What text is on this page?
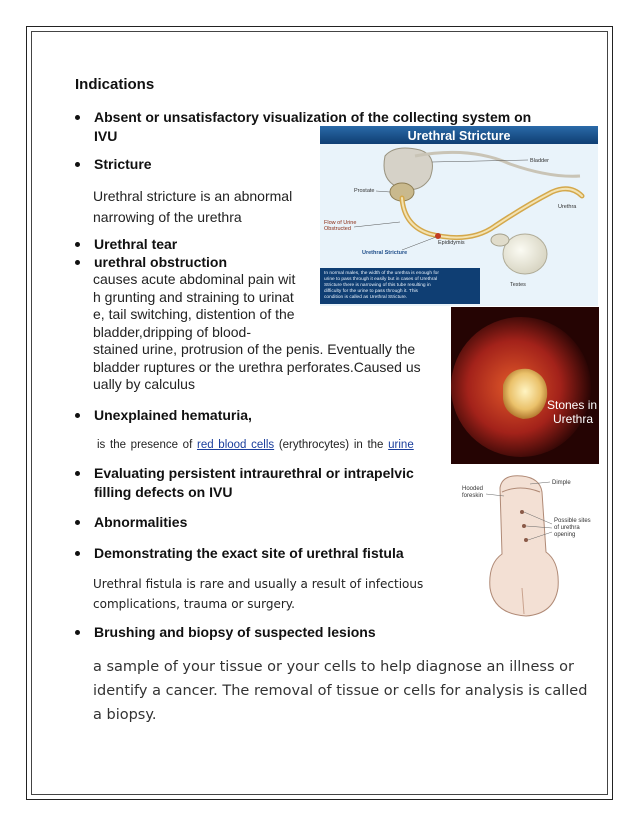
Indications
Absent or unsatisfactory visualization of the collecting system on
IVU
Stricture
Urethral stricture is an abnormal
narrowing of the urethra
Urethral tear
urethral obstruction
causes acute abdominal pain wit
h grunting and straining to urinat
e, tail switching, distention of the
bladder,dripping of blood-
stained urine, protrusion of the penis. Eventually the
bladder ruptures or the urethra perforates.Caused us
ually by calculus
Unexplained hematuria,
is the presence of red blood cells (erythrocytes) in the urine
Evaluating persistent intraurethral or intrapelvic
filling defects on IVU
Abnormalities
Demonstrating the exact site of urethral fistula
Urethral fistula is rare and usually a result of infectious
complications, trauma or surgery.
Brushing and biopsy of suspected lesions
a sample of your tissue or your cells to help diagnose an illness or
identify a cancer. The removal of tissue or cells for analysis is called
a biopsy.
Urethral Stricture
Bladder
Prostate
Urethra
Flow of Urine
Obstructed
Epididymis
Urethral Stricture
Testes
In normal males, the width of the urethra is enough for
urine to pass through it easily but in cases of Urethral
Stricture there is narrowing of this tube resulting in
difficulty for the urine to pass through it. This
condition is called as Urethral Stricture.
Stones in
Urethra
Dimple
Hooded
foreskin
Possible sites
of urethra
opening
